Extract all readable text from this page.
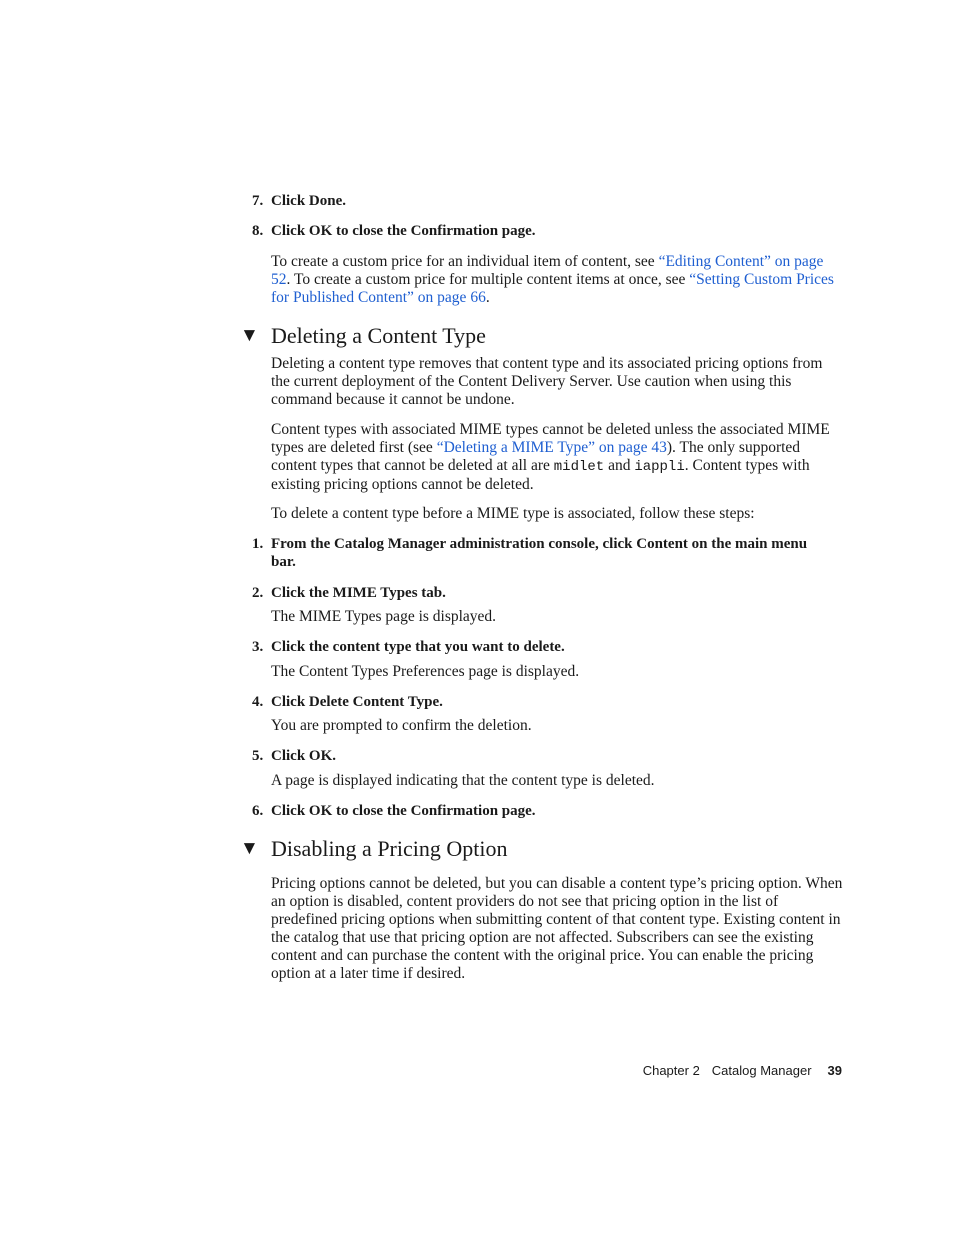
7. Click Done.
8. Click OK to close the Confirmation page.
To create a custom price for an individual item of content, see “Editing Content” on page 52. To create a custom price for multiple content items at once, see “Setting Custom Prices for Published Content” on page 66.
▼ Deleting a Content Type
Deleting a content type removes that content type and its associated pricing options from the current deployment of the Content Delivery Server. Use caution when using this command because it cannot be undone.
Content types with associated MIME types cannot be deleted unless the associated MIME types are deleted first (see “Deleting a MIME Type” on page 43). The only supported content types that cannot be deleted at all are midlet and iappli. Content types with existing pricing options cannot be deleted.
To delete a content type before a MIME type is associated, follow these steps:
1. From the Catalog Manager administration console, click Content on the main menu bar.
2. Click the MIME Types tab.
The MIME Types page is displayed.
3. Click the content type that you want to delete.
The Content Types Preferences page is displayed.
4. Click Delete Content Type.
You are prompted to confirm the deletion.
5. Click OK.
A page is displayed indicating that the content type is deleted.
6. Click OK to close the Confirmation page.
▼ Disabling a Pricing Option
Pricing options cannot be deleted, but you can disable a content type’s pricing option. When an option is disabled, content providers do not see that pricing option in the list of predefined pricing options when submitting content of that content type. Existing content in the catalog that use that pricing option are not affected. Subscribers can see the existing content and can purchase the content with the original price. You can enable the pricing option at a later time if desired.
Chapter 2 Catalog Manager 39
